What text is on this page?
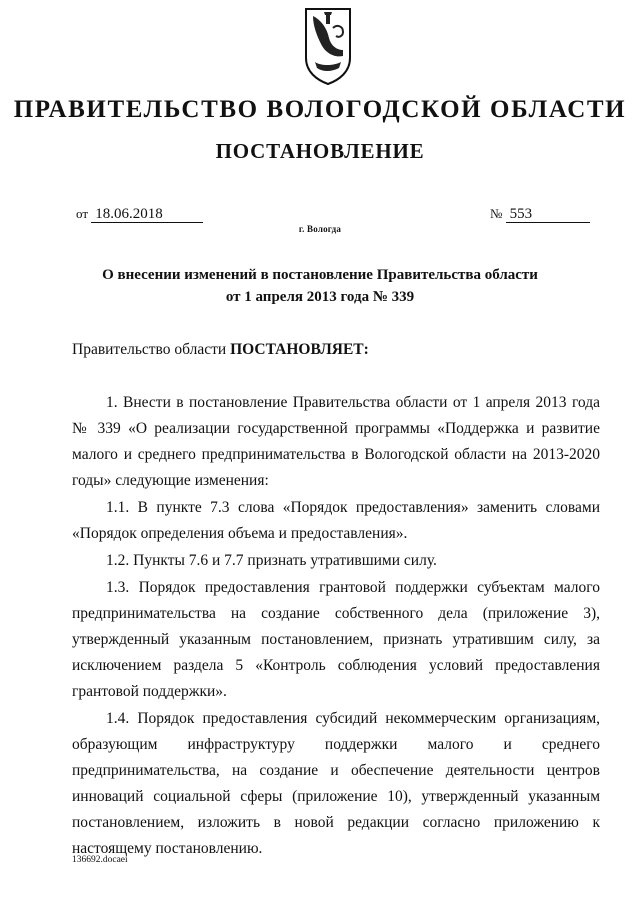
ПРАВИТЕЛЬСТВО ВОЛОГОДСКОЙ ОБЛАСТИ
ПОСТАНОВЛЕНИЕ
от 18.06.2018	№ 553
г. Вологда
О внесении изменений в постановление Правительства области
от 1 апреля 2013 года № 339
Правительство области ПОСТАНОВЛЯЕТ:

1. Внести в постановление Правительства области от 1 апреля 2013 года № 339 «О реализации государственной программы «Поддержка и развитие малого и среднего предпринимательства в Вологодской области на 2013-2020 годы» следующие изменения:

1.1. В пункте 7.3 слова «Порядок предоставления» заменить словами «Порядок определения объема и предоставления».

1.2. Пункты 7.6 и 7.7 признать утратившими силу.

1.3. Порядок предоставления грантовой поддержки субъектам малого предпринимательства на создание собственного дела (приложение 3), утвержденный указанным постановлением, признать утратившим силу, за исключением раздела 5 «Контроль соблюдения условий предоставления грантовой поддержки».

1.4. Порядок предоставления субсидий некоммерческим организациям, образующим инфраструктуру поддержки малого и среднего предпринимательства, на создание и обеспечение деятельности центров инноваций социальной сферы (приложение 10), утвержденный указанным постановлением, изложить в новой редакции согласно приложению к настоящему постановлению.

136692.docaei
